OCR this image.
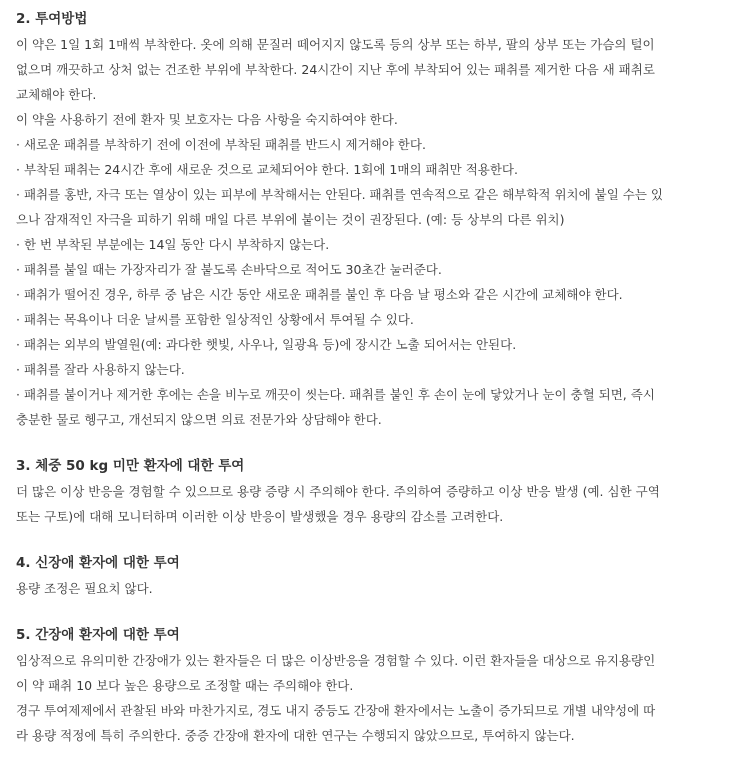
2. 투여방법
이 약은 1일 1회 1매씩 부착한다. 옷에 의해 문질러 떼어지지 않도록 등의 상부 또는 하부, 팔의 상부 또는 가슴의 털이
없으며 깨끗하고 상처 없는 건조한 부위에 부착한다. 24시간이 지난 후에 부착되어 있는 패취를 제거한 다음 새 패취로
교체해야 한다.
이 약을 사용하기 전에 환자 및 보호자는 다음 사항을 숙지하여야 한다.
· 새로운 패취를 부착하기 전에 이전에 부착된 패취를 반드시 제거해야 한다.
· 부착된 패취는 24시간 후에 새로운 것으로 교체되어야 한다. 1회에 1매의 패취만 적용한다.
· 패취를 홍반, 자극 또는 열상이 있는 피부에 부착해서는 안된다. 패취를 연속적으로 같은 해부학적 위치에 붙일 수는 있
으나 잠재적인 자극을 피하기 위해 매일 다른 부위에 붙이는 것이 권장된다. (예: 등 상부의 다른 위치)
· 한 번 부착된 부분에는 14일 동안 다시 부착하지 않는다.
· 패취를 붙일 때는 가장자리가 잘 붙도록 손바닥으로 적어도 30초간 눌러준다.
· 패취가 떨어진 경우, 하루 중 남은 시간 동안 새로운 패취를 붙인 후 다음 날 평소와 같은 시간에 교체해야 한다.
· 패취는 목욕이나 더운 날씨를 포함한 일상적인 상황에서 투여될 수 있다.
· 패취는 외부의 발열원(예: 과다한 햇빛, 사우나, 일광욕 등)에 장시간 노출 되어서는 안된다.
· 패취를 잘라 사용하지 않는다.
· 패취를 붙이거나 제거한 후에는 손을 비누로 깨끗이 씻는다. 패취를 붙인 후 손이 눈에 닿았거나 눈이 충혈 되면, 즉시
충분한 물로 헹구고, 개선되지 않으면 의료 전문가와 상담해야 한다.
3. 체중 50 kg 미만 환자에 대한 투여
더 많은 이상 반응을 경험할 수 있으므로 용량 증량 시 주의해야 한다. 주의하여 증량하고 이상 반응 발생 (예. 심한 구역
또는 구토)에 대해 모니터하며 이러한 이상 반응이 발생했을 경우 용량의 감소를 고려한다.
4. 신장애 환자에 대한 투여
용량 조정은 필요치 않다.
5. 간장애 환자에 대한 투여
임상적으로 유의미한 간장애가 있는 환자들은 더 많은 이상반응을 경험할 수 있다. 이런 환자들을 대상으로 유지용량인
이 약 패취 10 보다 높은 용량으로 조정할 때는 주의해야 한다.
경구 투여제제에서 관찰된 바와 마찬가지로, 경도 내지 중등도 간장애 환자에서는 노출이 증가되므로 개별 내약성에 따
라 용량 적정에 특히 주의한다. 중증 간장애 환자에 대한 연구는 수행되지 않았으므로, 투여하지 않는다.
